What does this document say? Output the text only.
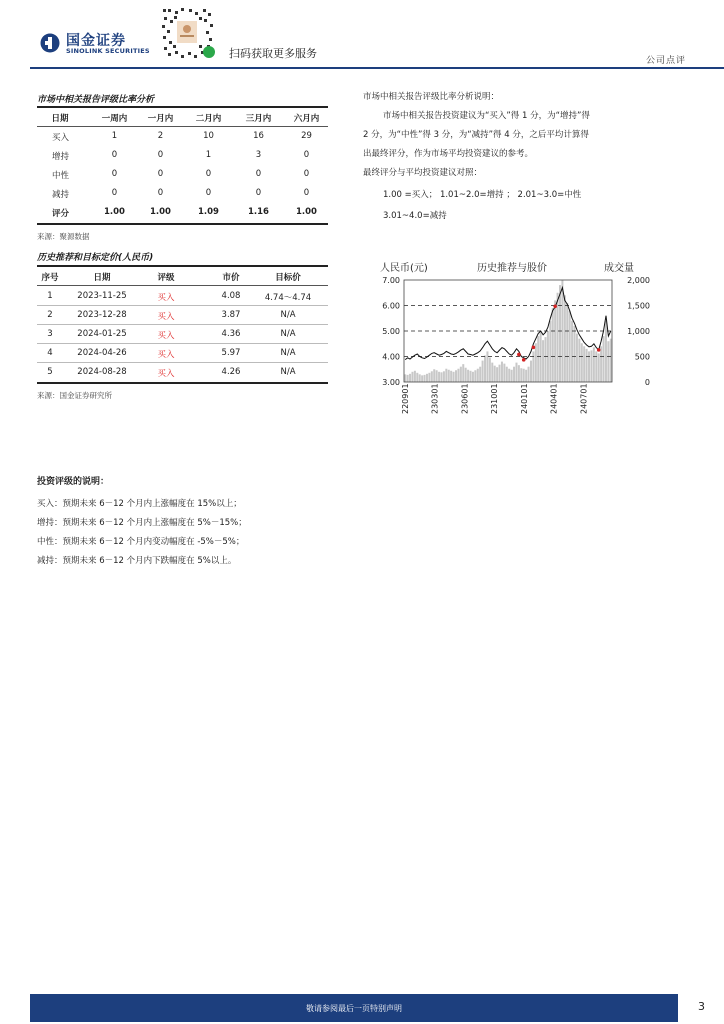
国金证券
SINOLINK SECURITIES	扫码获取更多服务
公司点评
市场中相关报告评级比率分析
日期	一周内	一月内	二月内	三月内	六月内
买入	1	2	10	16	29
增持	0	0	1	3	0
中性	0	0	0	0	0
减持	0	0	0	0	0
评分	1.00	1.00	1.09	1.16	1.00
来源：聚源数据
市场中相关报告评级比率分析说明：
市场中相关报告投资建议为“买入”得 1 分，为“增持”得
2 分，为“中性”得 3 分，为“减持”得 4 分，之后平均计算得
出最终评分，作为市场平均投资建议的参考。
最终评分与平均投资建议对照：
1.00 =买入； 1.01~2.0=增持 ； 2.01~3.0=中性
3.01~4.0=减持
历史推荐和目标定价(人民币)
序号	日期	评级	市价	目标价
1	2023-11-25	买入	4.08	4.74～4.74
2	2023-12-28	买入	3.87	N/A
3	2024-01-25	买入	4.36	N/A
4	2024-04-26	买入	5.97	N/A
5	2024-08-28	买入	4.26	N/A
来源：国金证券研究所
人民币(元)	历史推荐与股价	成交量
3.00
4.00
5.00
6.00
7.00
0
500
1,000
1,500
2,000
220901	230301	230601	231001	240101	240401	240701
投资评级的说明：
买入：预期未来 6－12 个月内上涨幅度在 15%以上；
增持：预期未来 6－12 个月内上涨幅度在 5%－15%；
中性：预期未来 6－12 个月内变动幅度在 -5%－5%；
减持：预期未来 6－12 个月内下跌幅度在 5%以上。
敬请参阅最后一页特别声明	3
